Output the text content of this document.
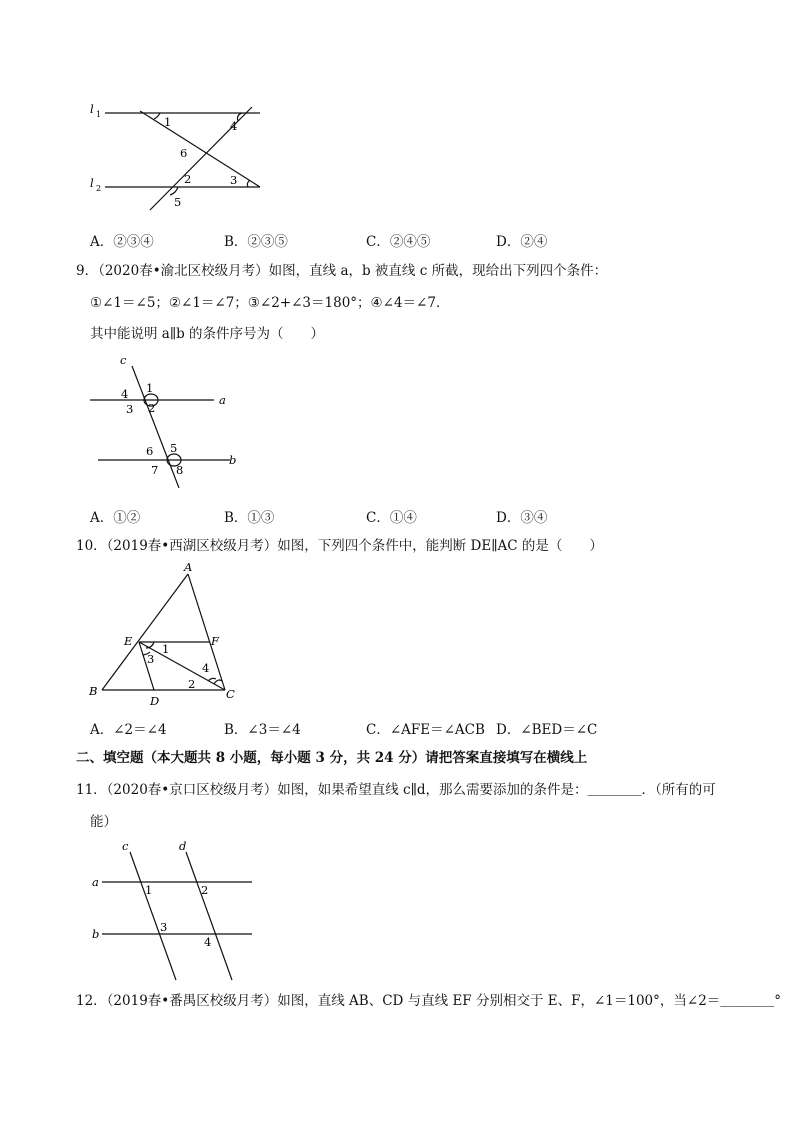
l 1
l 2
1	4
6
2	3
5
A．②③④	B．②③⑤	C．②④⑤	D．②④
9．（2020春•渝北区校级月考）如图，直线 a，b 被直线 c 所截，现给出下列四个条件：
①∠1＝∠5；②∠1＝∠7；③∠2+∠3＝180°；④∠4＝∠7．
其中能说明 a∥b 的条件序号为（　　）
c
a
b
1
2
3
4
5
6
7 8
A．①②	B．①③	C．①④	D．③④
10．（2019春•西湖区校级月考）如图，下列四个条件中，能判断 DE∥AC 的是（　　）
A
E	F
B
D	C
1
3
4
2
A．∠2＝∠4	B．∠3＝∠4	C．∠AFE＝∠ACB D．∠BED＝∠C
二、填空题（本大题共 8 小题，每小题 3 分，共 24 分）请把答案直接填写在横线上
11．（2020春•京口区校级月考）如图，如果希望直线 c∥d，那么需要添加的条件是：＿＿＿＿．（所有的可
能）
c	d
a
b
1	2
3
4
12．（2019春•番禺区校级月考）如图，直线 AB、CD 与直线 EF 分别相交于 E、F，∠1＝100°，当∠2＝＿＿＿＿°
